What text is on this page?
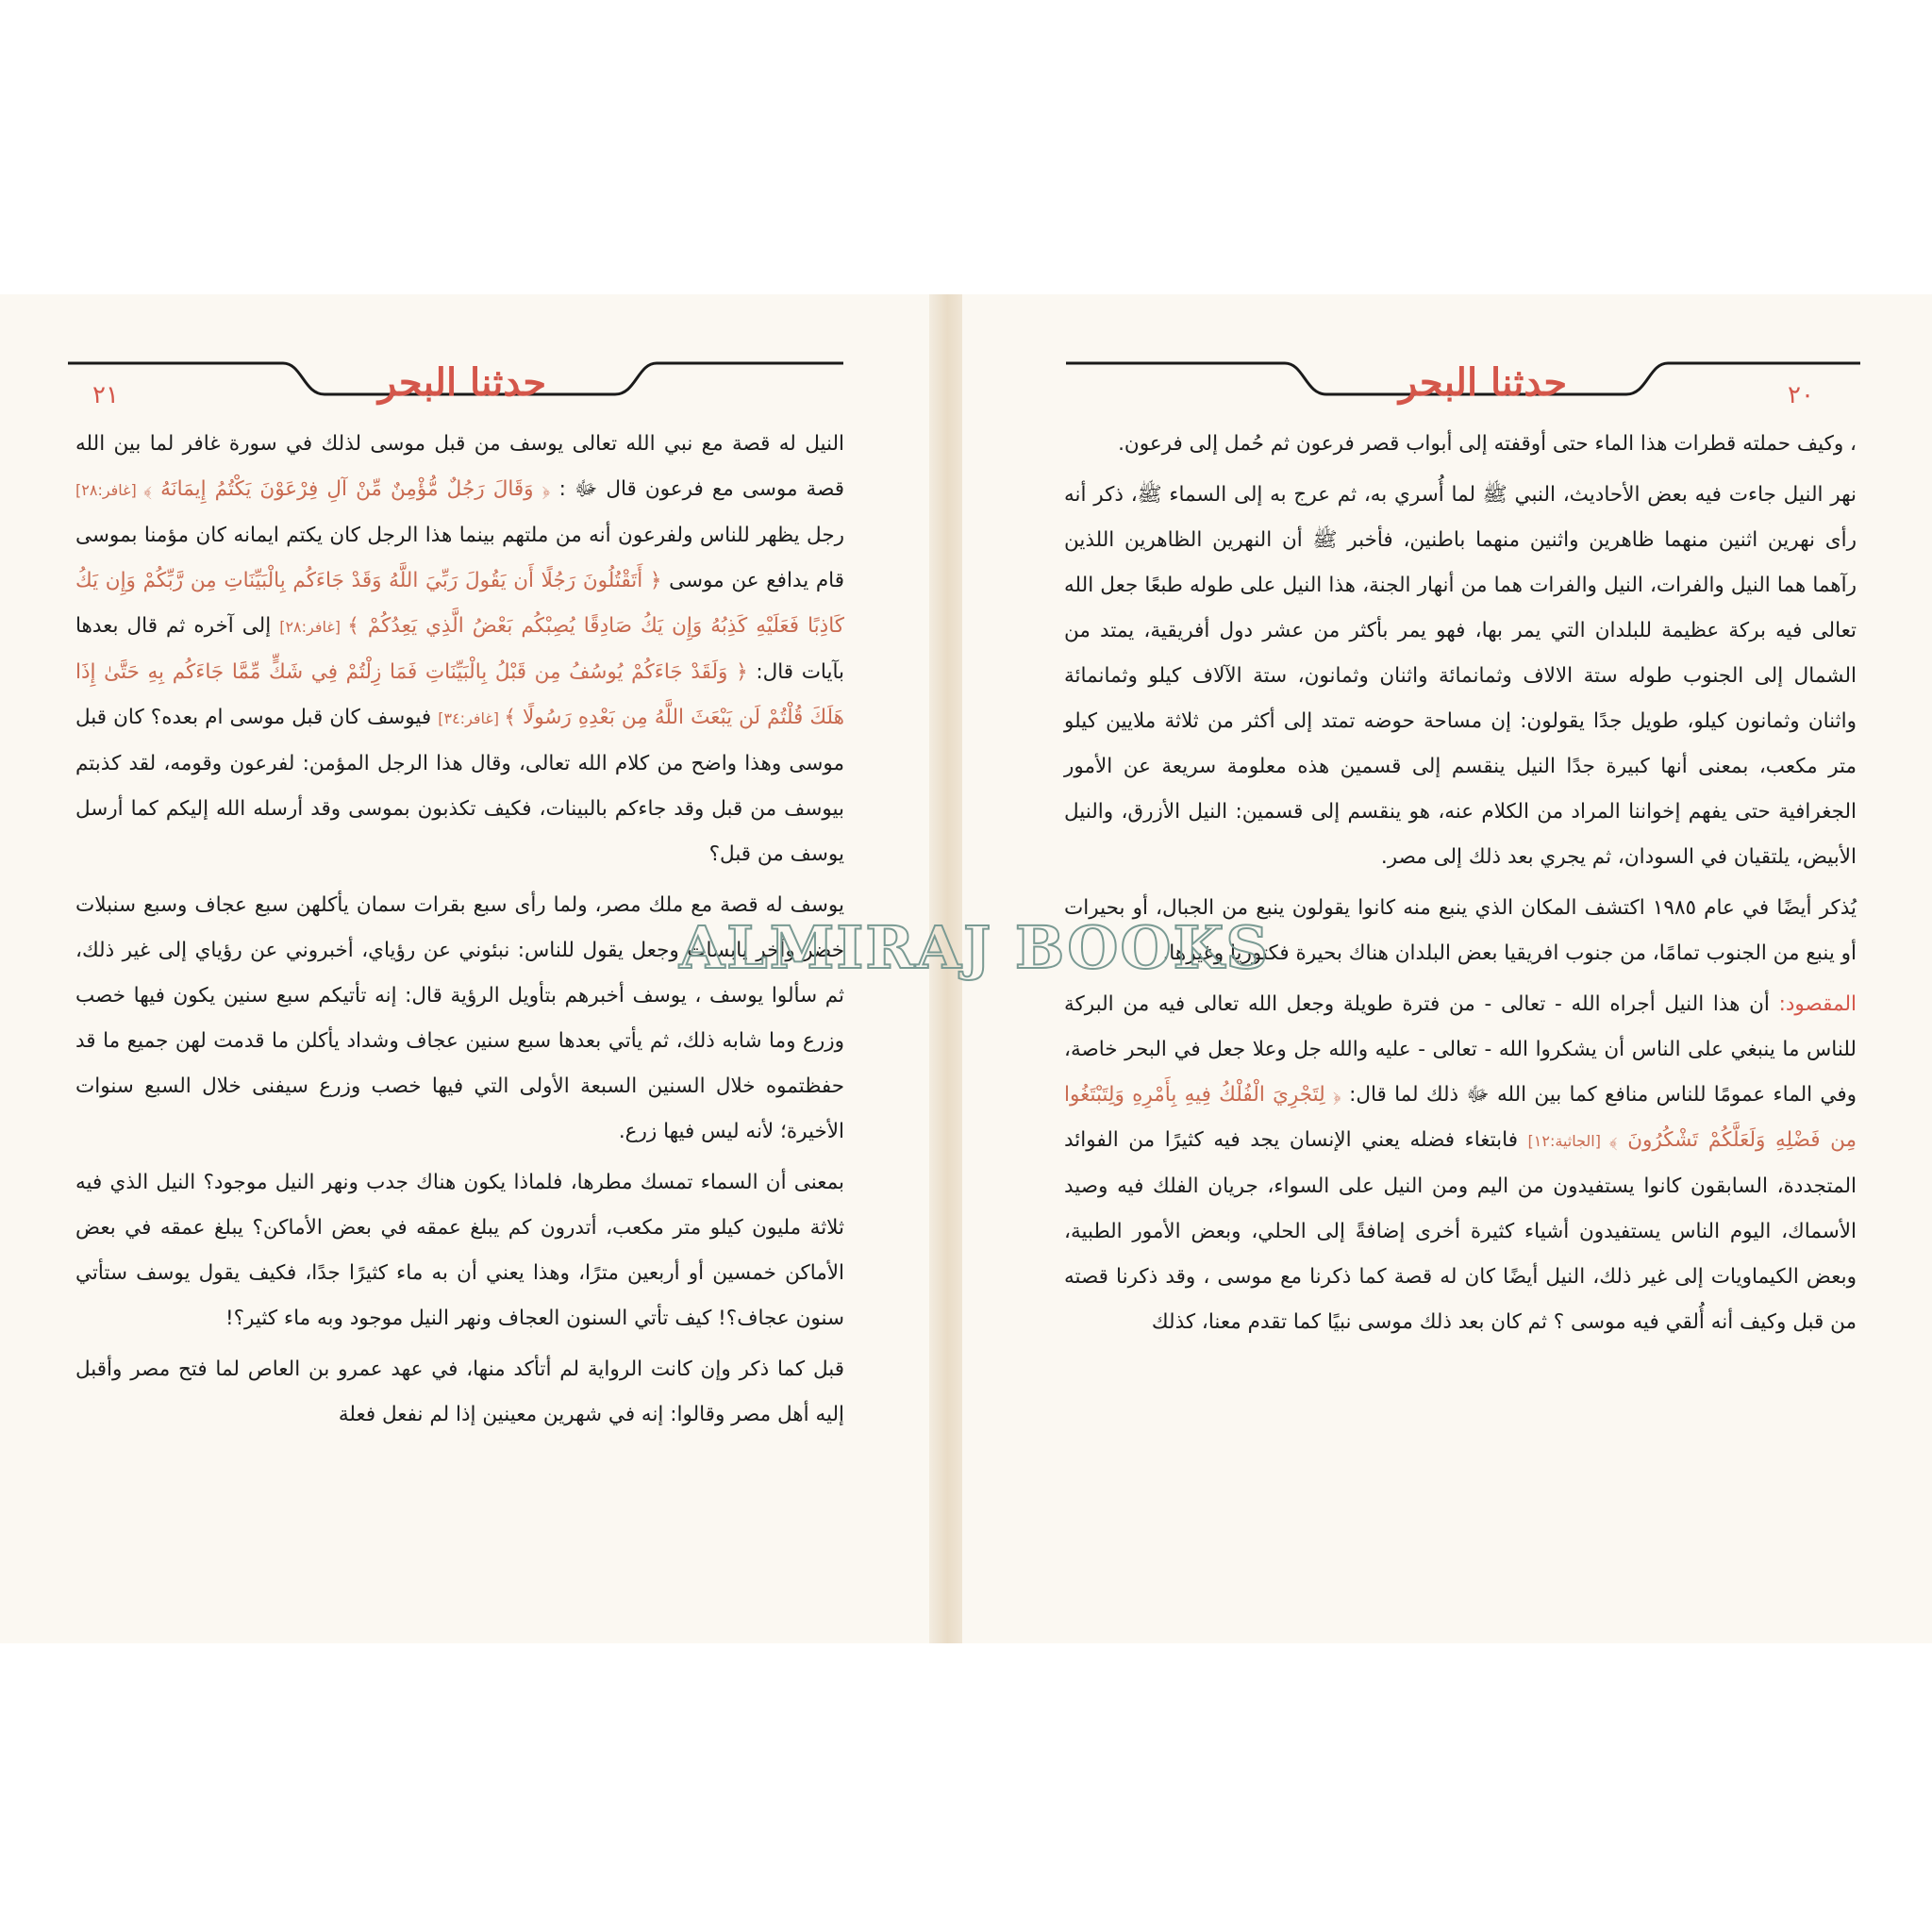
حدثنا البحر
٢١

النيل له قصة مع نبي الله تعالى يوسف من قبل موسى لذلك في سورة غافر لما بين الله قصة موسى مع فرعون قال ﷻ : ﴿ وَقَالَ رَجُلٌ مُّؤْمِنٌ مِّنْ آلِ فِرْعَوْنَ يَكْتُمُ إِيمَانَهُ ﴾ [غافر:٢٨] رجل يظهر للناس ولفرعون أنه من ملتهم بينما هذا الرجل كان يكتم ايمانه كان مؤمنا بموسى قام يدافع عن موسى ﴿ أَتَقْتُلُونَ رَجُلًا أَن يَقُولَ رَبِّيَ اللَّهُ وَقَدْ جَاءَكُم بِالْبَيِّنَاتِ مِن رَّبِّكُمْ وَإِن يَكُ كَاذِبًا فَعَلَيْهِ كَذِبُهُ وَإِن يَكُ صَادِقًا يُصِبْكُم بَعْضُ الَّذِي يَعِدُكُمْ ﴾ [غافر:٢٨] إلى آخره ثم قال بعدها بآيات قال: ﴿ وَلَقَدْ جَاءَكُمْ يُوسُفُ مِن قَبْلُ بِالْبَيِّنَاتِ فَمَا زِلْتُمْ فِي شَكٍّ مِّمَّا جَاءَكُم بِهِ حَتَّىٰ إِذَا هَلَكَ قُلْتُمْ لَن يَبْعَثَ اللَّهُ مِن بَعْدِهِ رَسُولًا ﴾ [غافر:٣٤] فيوسف كان قبل موسى ام بعده؟ كان قبل موسى وهذا واضح من كلام الله تعالى، وقال هذا الرجل المؤمن: لفرعون وقومه، لقد كذبتم بيوسف من قبل وقد جاءكم بالبينات، فكيف تكذبون بموسى وقد أرسله الله إليكم كما أرسل يوسف من قبل؟

يوسف له قصة مع ملك مصر، ولما رأى سبع بقرات سمان يأكلهن سبع عجاف وسبع سنبلات خضر وأخر يابسات وجعل يقول للناس: نبئوني عن رؤياي، أخبروني عن رؤياي إلى غير ذلك، ثم سألوا يوسف ، يوسف أخبرهم بتأويل الرؤية قال: إنه تأتيكم سبع سنين يكون فيها خصب وزرع وما شابه ذلك، ثم يأتي بعدها سبع سنين عجاف وشداد يأكلن ما قدمت لهن جميع ما قد حفظتموه خلال السنين السبعة الأولى التي فيها خصب وزرع سيفنى خلال السبع سنوات الأخيرة؛ لأنه ليس فيها زرع.

بمعنى أن السماء تمسك مطرها، فلماذا يكون هناك جدب ونهر النيل موجود؟ النيل الذي فيه ثلاثة مليون كيلو متر مكعب، أتدرون كم يبلغ عمقه في بعض الأماكن؟ يبلغ عمقه في بعض الأماكن خمسين أو أربعين مترًا، وهذا يعني أن به ماء كثيرًا جدًا، فكيف يقول يوسف ستأتي سنون عجاف؟! كيف تأتي السنون العجاف ونهر النيل موجود وبه ماء كثير؟!

قبل كما ذكر وإن كانت الرواية لم أتأكد منها، في عهد عمرو بن العاص لما فتح مصر وأقبل إليه أهل مصر وقالوا: إنه في شهرين معينين إذا لم نفعل فعلة

حدثنا البحر	٢٠

، وكيف حملته قطرات هذا الماء حتى أوقفته إلى أبواب قصر فرعون ثم حُمل إلى فرعون.

نهر النيل جاءت فيه بعض الأحاديث، النبي ﷺ لما أُسري به، ثم عرج به إلى السماء ﷺ، ذكر أنه رأى نهرين اثنين منهما ظاهرين واثنين منهما باطنين، فأخبر ﷺ أن النهرين الظاهرين اللذين رآهما هما النيل والفرات، النيل والفرات هما من أنهار الجنة، هذا النيل على طوله طبعًا جعل الله تعالى فيه بركة عظيمة للبلدان التي يمر بها، فهو يمر بأكثر من عشر دول أفريقية، يمتد من الشمال إلى الجنوب طوله ستة الالاف وثمانمائة واثنان وثمانون، ستة الآلاف كيلو وثمانمائة واثنان وثمانون كيلو، طويل جدًا يقولون: إن مساحة حوضه تمتد إلى أكثر من ثلاثة ملايين كيلو متر مكعب، بمعنى أنها كبيرة جدًا النيل ينقسم إلى قسمين هذه معلومة سريعة عن الأمور الجغرافية حتى يفهم إخواننا المراد من الكلام عنه، هو ينقسم إلى قسمين: النيل الأزرق، والنيل الأبيض، يلتقيان في السودان، ثم يجري بعد ذلك إلى مصر.

يُذكر أيضًا في عام ١٩٨٥ اكتشف المكان الذي ينبع منه كانوا يقولون ينبع من الجبال، أو بحيرات أو ينبع من الجنوب تمامًا، من جنوب افريقيا بعض البلدان هناك بحيرة فكتوريا وغيرها.

المقصود: أن هذا النيل أجراه الله - تعالى - من فترة طويلة وجعل الله تعالى فيه من البركة للناس ما ينبغي على الناس أن يشكروا الله - تعالى - عليه والله جل وعلا جعل في البحر خاصة، وفي الماء عمومًا للناس منافع كما بين الله ﷻ ذلك لما قال: ﴿ لِتَجْرِيَ الْفُلْكُ فِيهِ بِأَمْرِهِ وَلِتَبْتَغُوا مِن فَضْلِهِ وَلَعَلَّكُمْ تَشْكُرُونَ ﴾ [الجاثية:١٢] فابتغاء فضله يعني الإنسان يجد فيه كثيرًا من الفوائد المتجددة، السابقون كانوا يستفيدون من اليم ومن النيل على السواء، جريان الفلك فيه وصيد الأسماك، اليوم الناس يستفيدون أشياء كثيرة أخرى إضافةً إلى الحلي، وبعض الأمور الطبية، وبعض الكيماويات إلى غير ذلك، النيل أيضًا كان له قصة كما ذكرنا مع موسى ، وقد ذكرنا قصته من قبل وكيف أنه أُلقي فيه موسى ؟ ثم كان بعد ذلك موسى نبيًا كما تقدم معنا، كذلك

ALMIRAJ BOOKS
